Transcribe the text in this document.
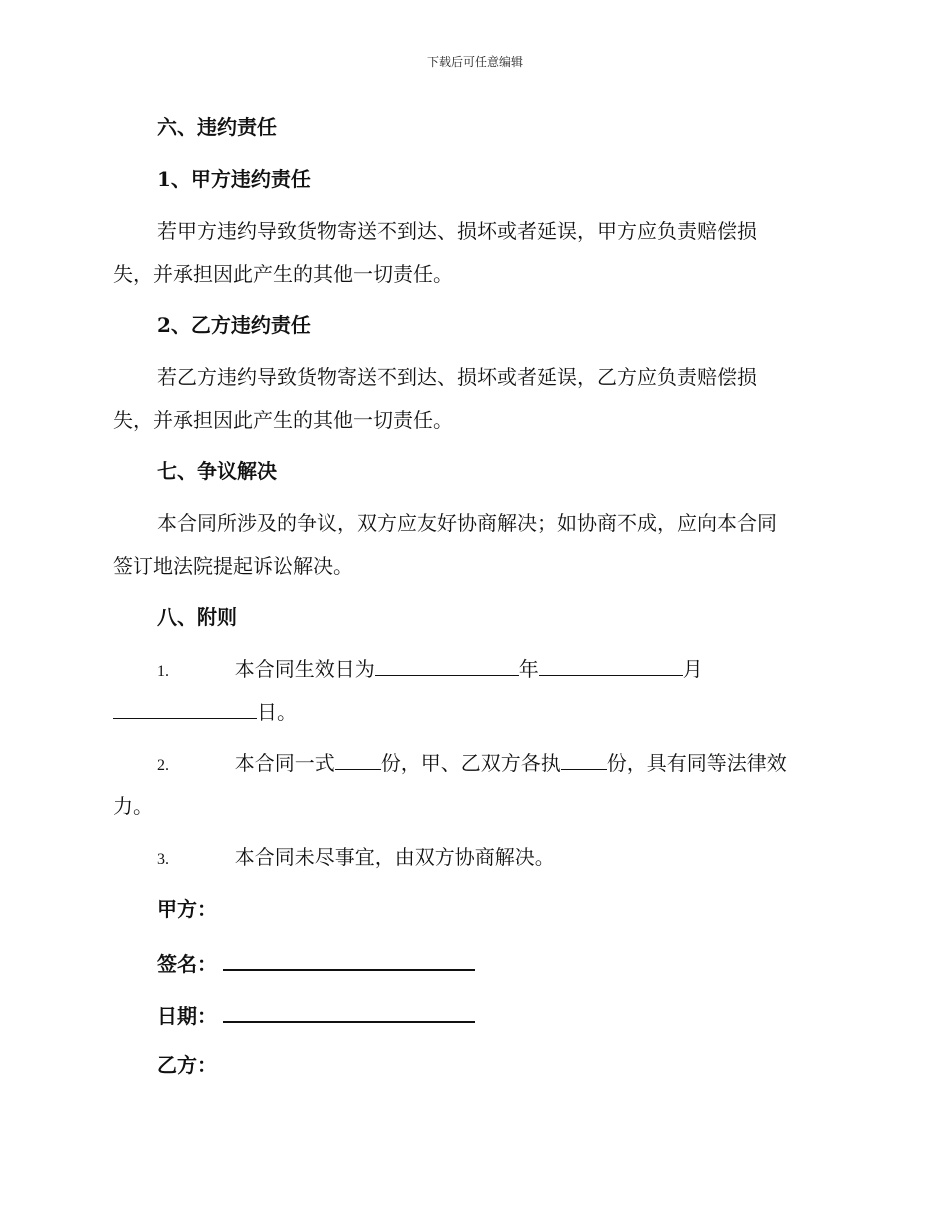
下载后可任意编辑
六、违约责任
1、甲方违约责任
若甲方违约导致货物寄送不到达、损坏或者延误，甲方应负责赔偿损
失，并承担因此产生的其他一切责任。
2、乙方违约责任
若乙方违约导致货物寄送不到达、损坏或者延误，乙方应负责赔偿损
失，并承担因此产生的其他一切责任。
七、争议解决
本合同所涉及的争议，双方应友好协商解决；如协商不成，应向本合同
签订地法院提起诉讼解决。
八、附则
1.	本合同生效日为	年	月
日。
2.	本合同一式 份，甲、乙双方各执 份，具有同等法律效
力。
3.	本合同未尽事宜，由双方协商解决。
甲方：
签名：
日期：
乙方：
